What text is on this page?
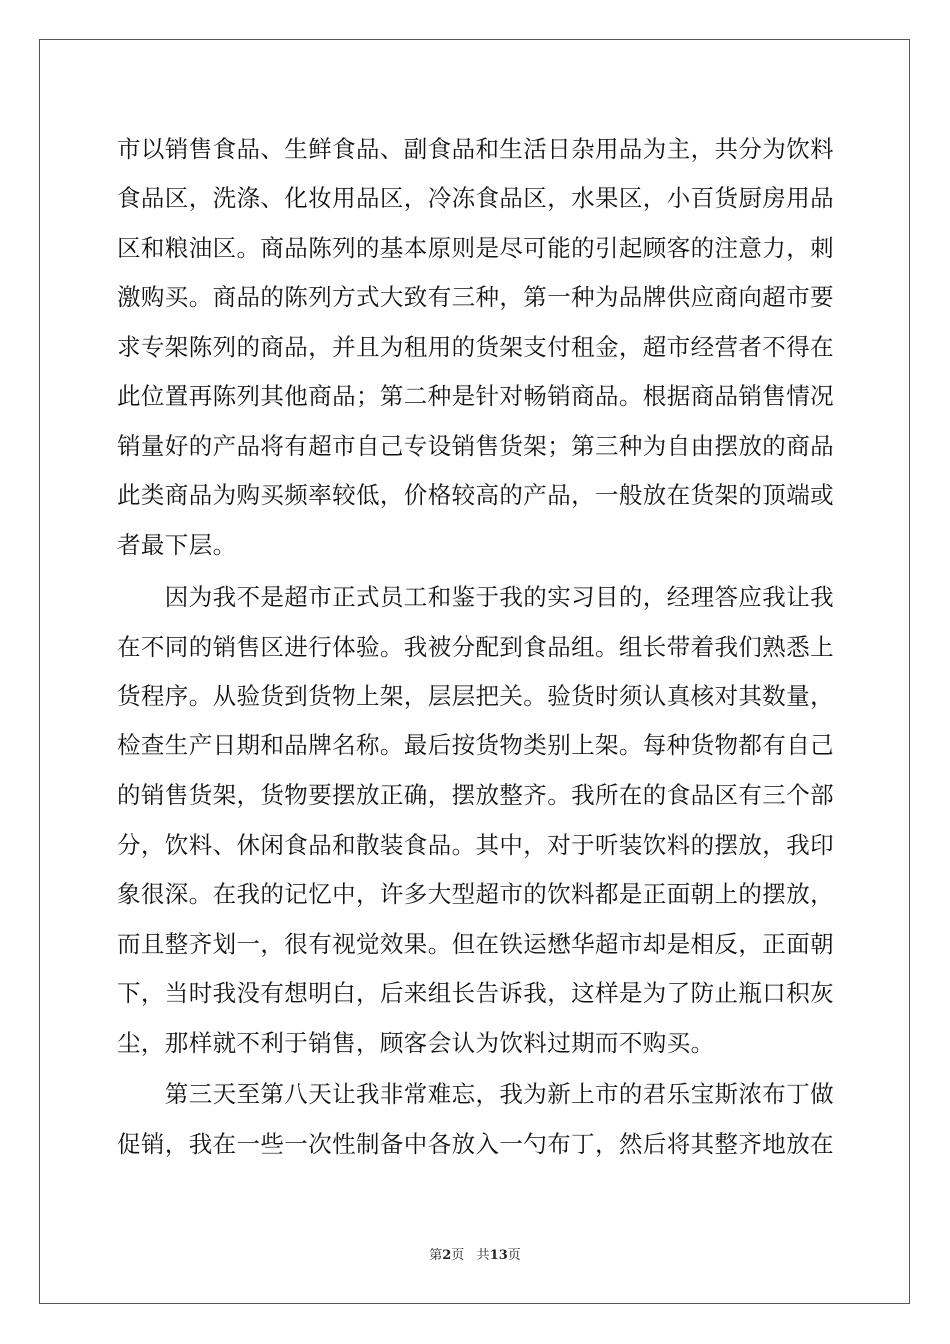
市以销售食品、生鲜食品、副食品和生活日杂用品为主，共分为饮料
食品区，洗涤、化妆用品区，冷冻食品区，水果区，小百货厨房用品
区和粮油区。商品陈列的基本原则是尽可能的引起顾客的注意力，刺
激购买。商品的陈列方式大致有三种，第一种为品牌供应商向超市要
求专架陈列的商品，并且为租用的货架支付租金，超市经营者不得在
此位置再陈列其他商品；第二种是针对畅销商品。根据商品销售情况
销量好的产品将有超市自己专设销售货架；第三种为自由摆放的商品
此类商品为购买频率较低，价格较高的产品，一般放在货架的顶端或
者最下层。
　　因为我不是超市正式员工和鉴于我的实习目的，经理答应我让我
在不同的销售区进行体验。我被分配到食品组。组长带着我们熟悉上
货程序。从验货到货物上架，层层把关。验货时须认真核对其数量，
检查生产日期和品牌名称。最后按货物类别上架。每种货物都有自己
的销售货架，货物要摆放正确，摆放整齐。我所在的食品区有三个部
分，饮料、休闲食品和散装食品。其中，对于听装饮料的摆放，我印
象很深。在我的记忆中，许多大型超市的饮料都是正面朝上的摆放，
而且整齐划一，很有视觉效果。但在铁运懋华超市却是相反，正面朝
下，当时我没有想明白，后来组长告诉我，这样是为了防止瓶口积灰
尘，那样就不利于销售，顾客会认为饮料过期而不购买。
　　第三天至第八天让我非常难忘，我为新上市的君乐宝斯浓布丁做
促销，我在一些一次性制备中各放入一勺布丁，然后将其整齐地放在
第2页 共13页
